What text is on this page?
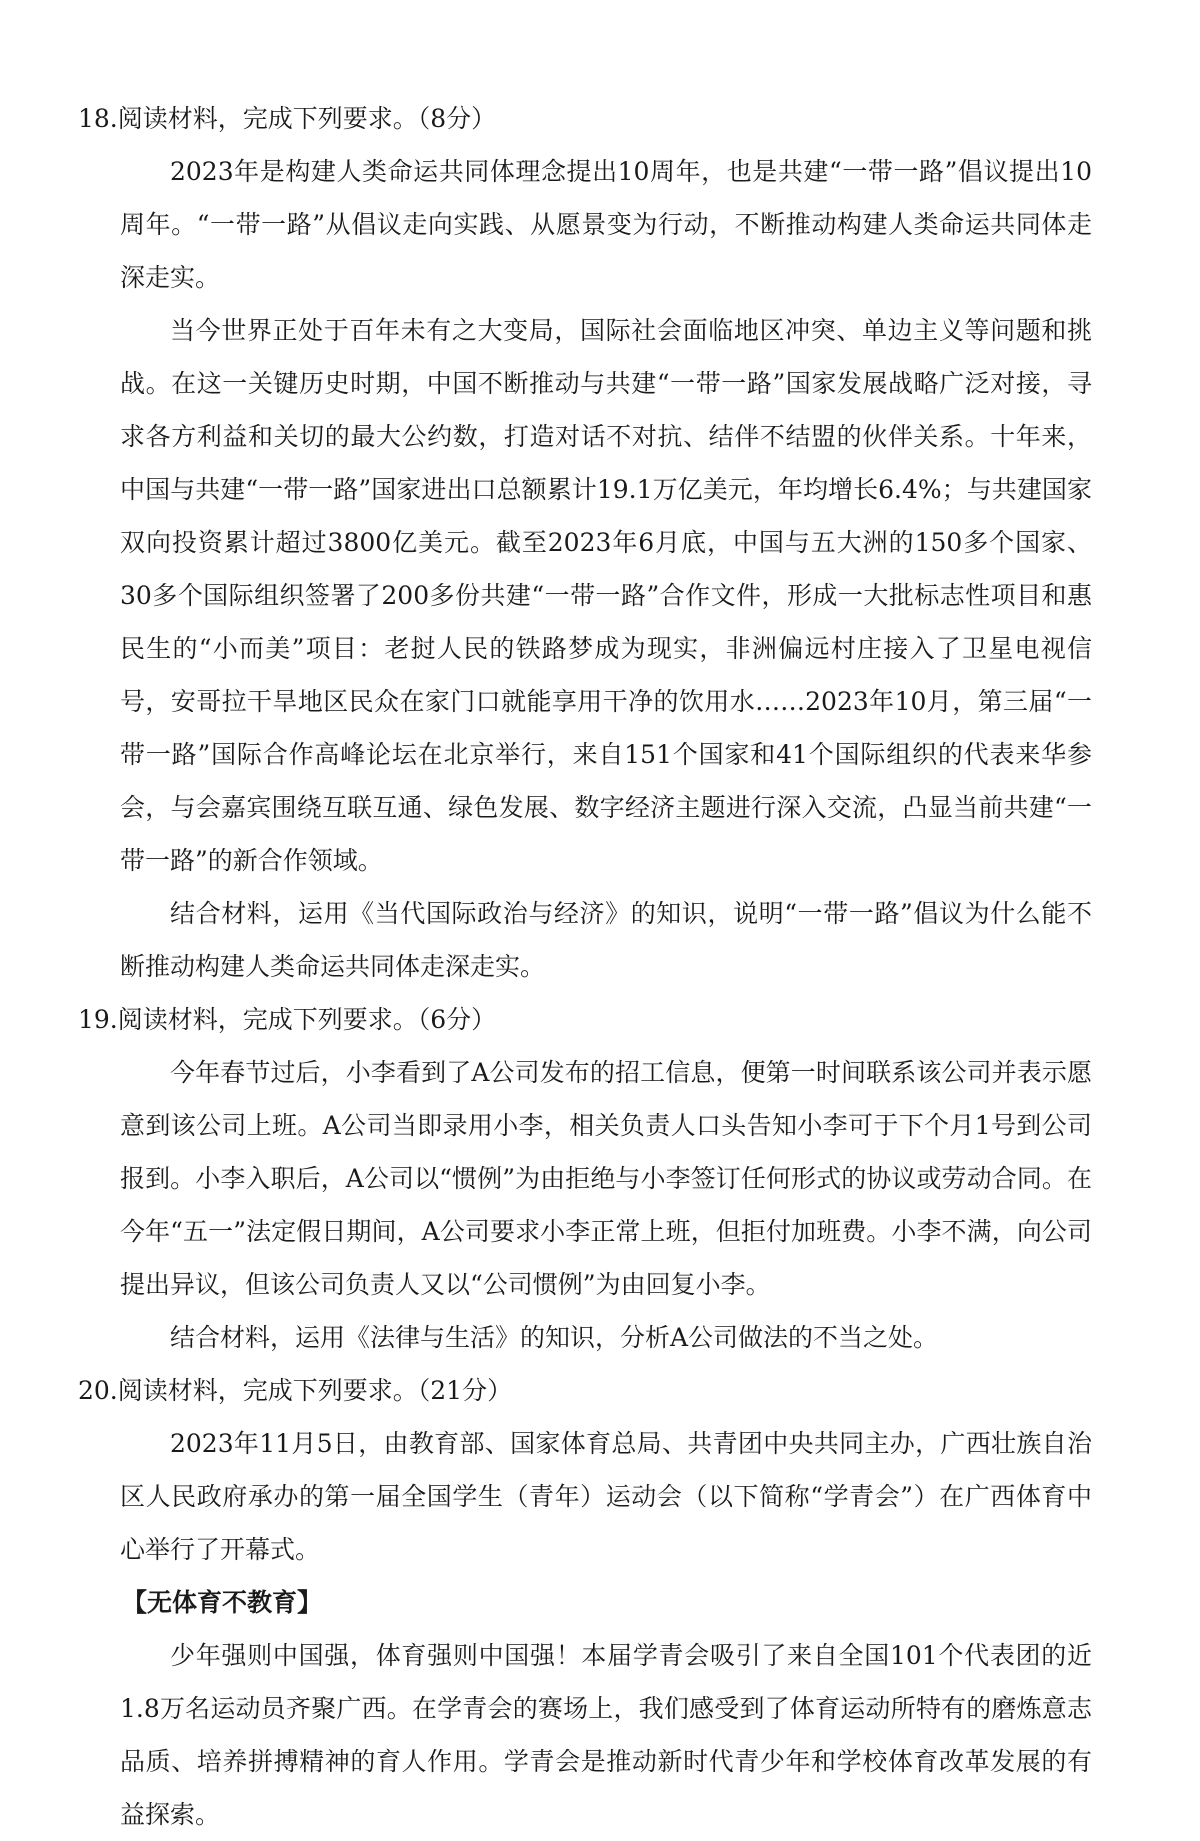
18.阅读材料，完成下列要求。（8分）

2023年是构建人类命运共同体理念提出10周年，也是共建“一带一路”倡议提出10周年。“一带一路”从倡议走向实践、从愿景变为行动，不断推动构建人类命运共同体走深走实。

当今世界正处于百年未有之大变局，国际社会面临地区冲突、单边主义等问题和挑战。在这一关键历史时期，中国不断推动与共建“一带一路”国家发展战略广泛对接，寻求各方利益和关切的最大公约数，打造对话不对抗、结伴不结盟的伙伴关系。十年来，中国与共建“一带一路”国家进出口总额累计19.1万亿美元，年均增长6.4%；与共建国家双向投资累计超过3800亿美元。截至2023年6月底，中国与五大洲的150多个国家、30多个国际组织签署了200多份共建“一带一路”合作文件，形成一大批标志性项目和惠民生的“小而美”项目：老挝人民的铁路梦成为现实，非洲偏远村庄接入了卫星电视信号，安哥拉干旱地区民众在家门口就能享用干净的饮用水……2023年10月，第三届“一带一路”国际合作高峰论坛在北京举行，来自151个国家和41个国际组织的代表来华参会，与会嘉宾围绕互联互通、绿色发展、数字经济主题进行深入交流，凸显当前共建“一带一路”的新合作领域。

结合材料，运用《当代国际政治与经济》的知识，说明“一带一路”倡议为什么能不断推动构建人类命运共同体走深走实。

19.阅读材料，完成下列要求。（6分）

今年春节过后，小李看到了A公司发布的招工信息，便第一时间联系该公司并表示愿意到该公司上班。A公司当即录用小李，相关负责人口头告知小李可于下个月1号到公司报到。小李入职后，A公司以“惯例”为由拒绝与小李签订任何形式的协议或劳动合同。在今年“五一”法定假日期间，A公司要求小李正常上班，但拒付加班费。小李不满，向公司提出异议，但该公司负责人又以“公司惯例”为由回复小李。

结合材料，运用《法律与生活》的知识，分析A公司做法的不当之处。

20.阅读材料，完成下列要求。（21分）

2023年11月5日，由教育部、国家体育总局、共青团中央共同主办，广西壮族自治区人民政府承办的第一届全国学生（青年）运动会（以下简称“学青会”）在广西体育中心举行了开幕式。

【无体育不教育】

少年强则中国强，体育强则中国强！本届学青会吸引了来自全国101个代表团的近1.8万名运动员齐聚广西。在学青会的赛场上，我们感受到了体育运动所特有的磨炼意志品质、培养拼搏精神的育人作用。学青会是推动新时代青少年和学校体育改革发展的有益探索。
